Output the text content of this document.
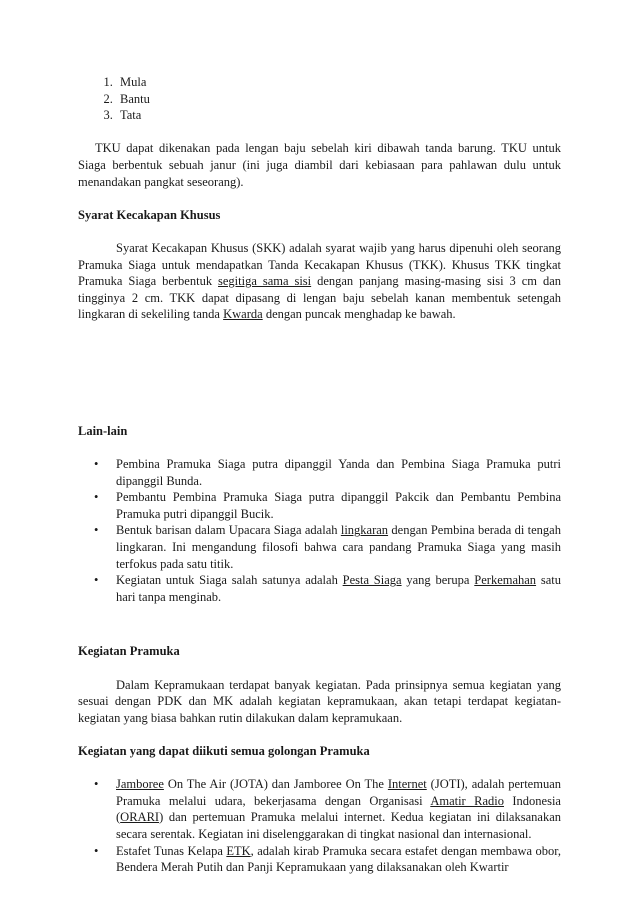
1. Mula
2. Bantu
3. Tata

TKU dapat dikenakan pada lengan baju sebelah kiri dibawah tanda barung. TKU untuk Siaga berbentuk sebuah janur (ini juga diambil dari kebiasaan para pahlawan dulu untuk menandakan pangkat seseorang).

Syarat Kecakapan Khusus

Syarat Kecakapan Khusus (SKK) adalah syarat wajib yang harus dipenuhi oleh seorang Pramuka Siaga untuk mendapatkan Tanda Kecakapan Khusus (TKK). Khusus TKK tingkat Pramuka Siaga berbentuk segitiga sama sisi dengan panjang masing-masing sisi 3 cm dan tingginya 2 cm. TKK dapat dipasang di lengan baju sebelah kanan membentuk setengah lingkaran di sekeliling tanda Kwarda dengan puncak menghadap ke bawah.

Lain-lain
• Pembina Pramuka Siaga putra dipanggil Yanda dan Pembina Siaga Pramuka putri dipanggil Bunda.
• Pembantu Pembina Pramuka Siaga putra dipanggil Pakcik dan Pembantu Pembina Pramuka putri dipanggil Bucik.
• Bentuk barisan dalam Upacara Siaga adalah lingkaran dengan Pembina berada di tengah lingkaran. Ini mengandung filosofi bahwa cara pandang Pramuka Siaga yang masih terfokus pada satu titik.
• Kegiatan untuk Siaga salah satunya adalah Pesta Siaga yang berupa Perkemahan satu hari tanpa menginab.
Kegiatan Pramuka

Dalam Kepramukaan terdapat banyak kegiatan. Pada prinsipnya semua kegiatan yang sesuai dengan PDK dan MK adalah kegiatan kepramukaan, akan tetapi terdapat kegiatan-kegiatan yang biasa bahkan rutin dilakukan dalam kepramukaan.

Kegiatan yang dapat diikuti semua golongan Pramuka
• Jamboree On The Air (JOTA) dan Jamboree On The Internet (JOTI), adalah pertemuan Pramuka melalui udara, bekerjasama dengan Organisasi Amatir Radio Indonesia (ORARI) dan pertemuan Pramuka melalui internet. Kedua kegiatan ini dilaksanakan secara serentak. Kegiatan ini diselenggarakan di tingkat nasional dan internasional.
• Estafet Tunas Kelapa ETK, adalah kirab Pramuka secara estafet dengan membawa obor, Bendera Merah Putih dan Panji Kepramukaan yang dilaksanakan oleh Kwartir
